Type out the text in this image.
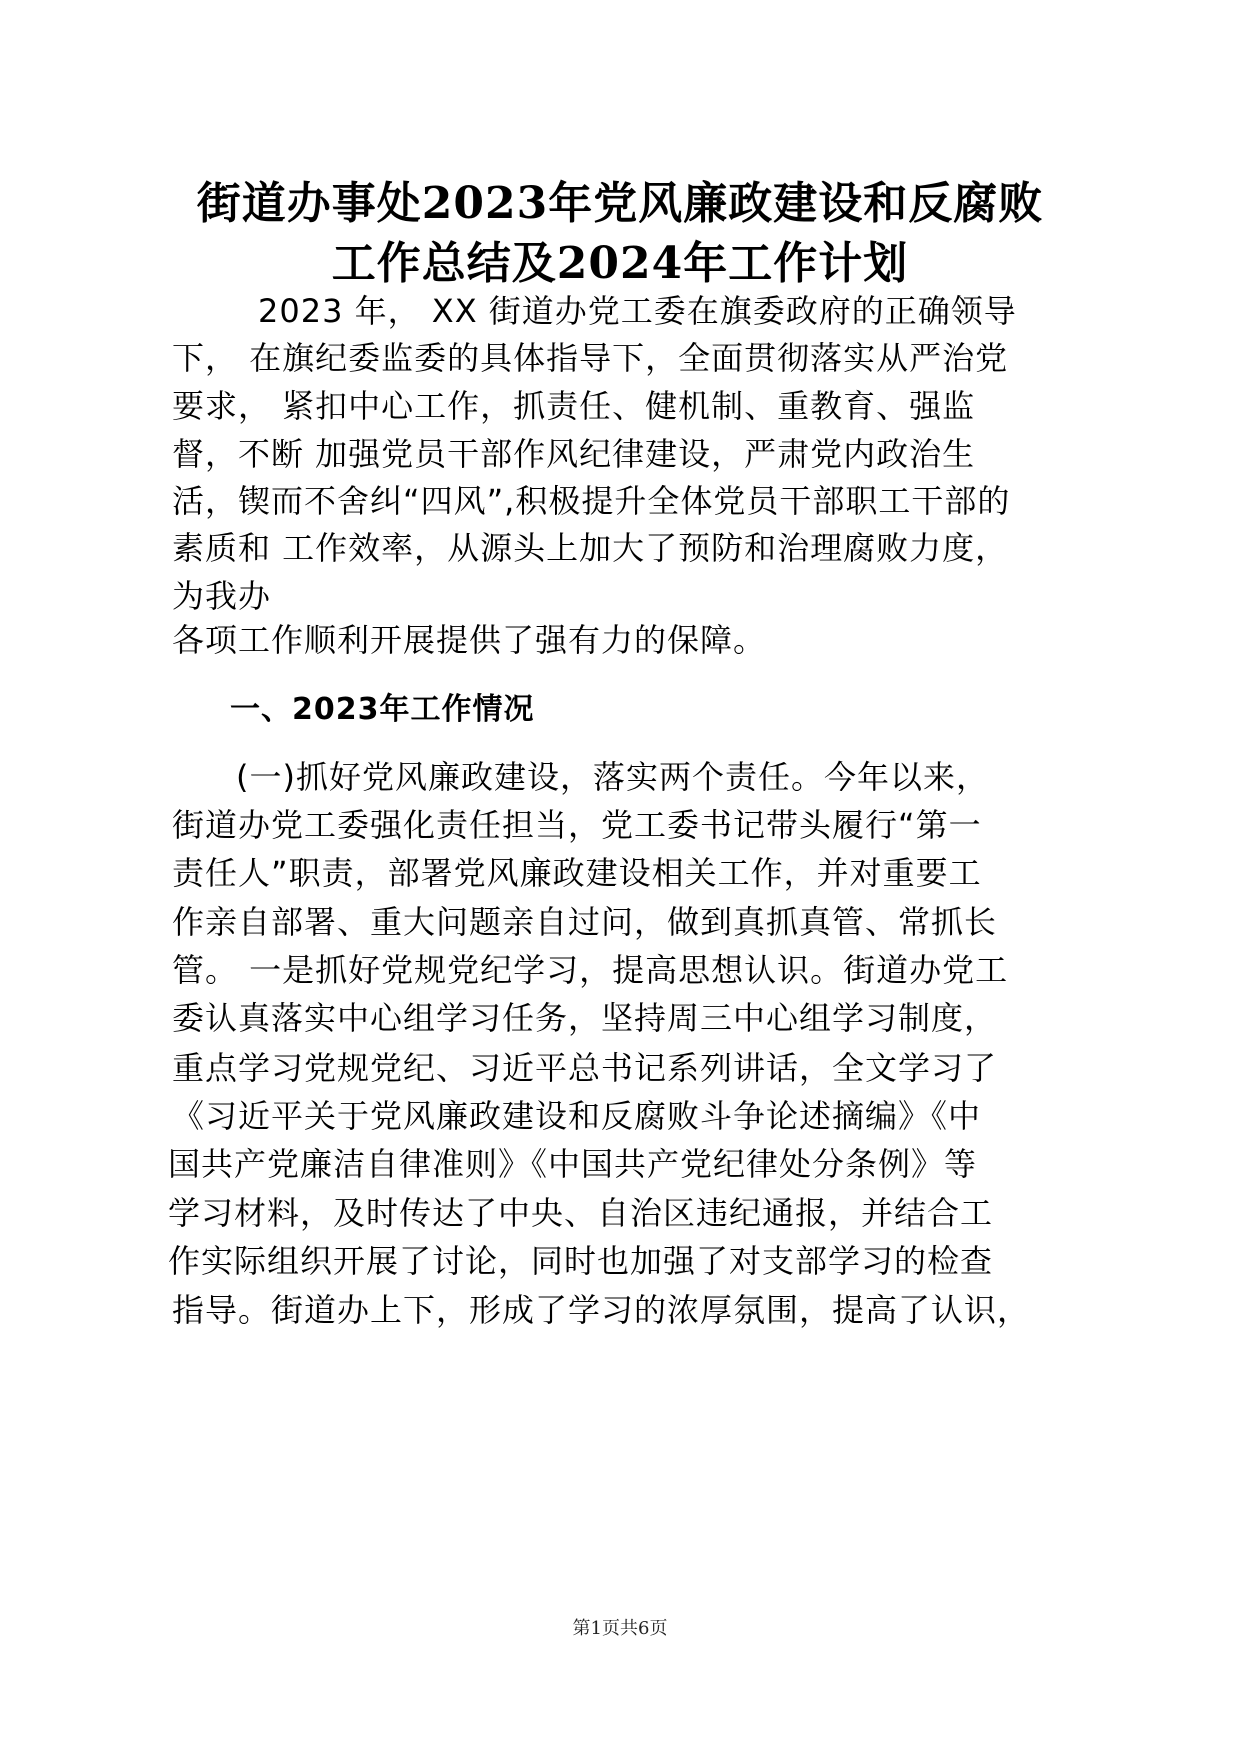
街道办事处2023年党风廉政建设和反腐败
工作总结及2024年工作计划
2023 年， XX 街道办党工委在旗委政府的正确领导
下， 在旗纪委监委的具体指导下，全面贯彻落实从严治党
要求， 紧扣中心工作，抓责任、健机制、重教育、强监
督，不断 加强党员干部作风纪律建设，严肃党内政治生
活，锲而不舍纠“四风”,积极提升全体党员干部职工干部的
素质和 工作效率，从源头上加大了预防和治理腐败力度，
为我办
各项工作顺利开展提供了强有力的保障。
一、2023年工作情况
(一)抓好党风廉政建设，落实两个责任。今年以来，
街道办党工委强化责任担当，党工委书记带头履行“第一
责任人”职责，部署党风廉政建设相关工作，并对重要工
作亲自部署、重大问题亲自过问，做到真抓真管、常抓长
管。 一是抓好党规党纪学习，提高思想认识。街道办党工
委认真落实中心组学习任务，坚持周三中心组学习制度，
重点学习党规党纪、习近平总书记系列讲话，全文学习了
《习近平关于党风廉政建设和反腐败斗争论述摘编》《中
国共产党廉洁自律准则》《中国共产党纪律处分条例》等
学习材料，及时传达了中央、自治区违纪通报，并结合工
作实际组织开展了讨论，同时也加强了对支部学习的检查
指导。街道办上下，形成了学习的浓厚氛围，提高了认识，
第1页共6页
